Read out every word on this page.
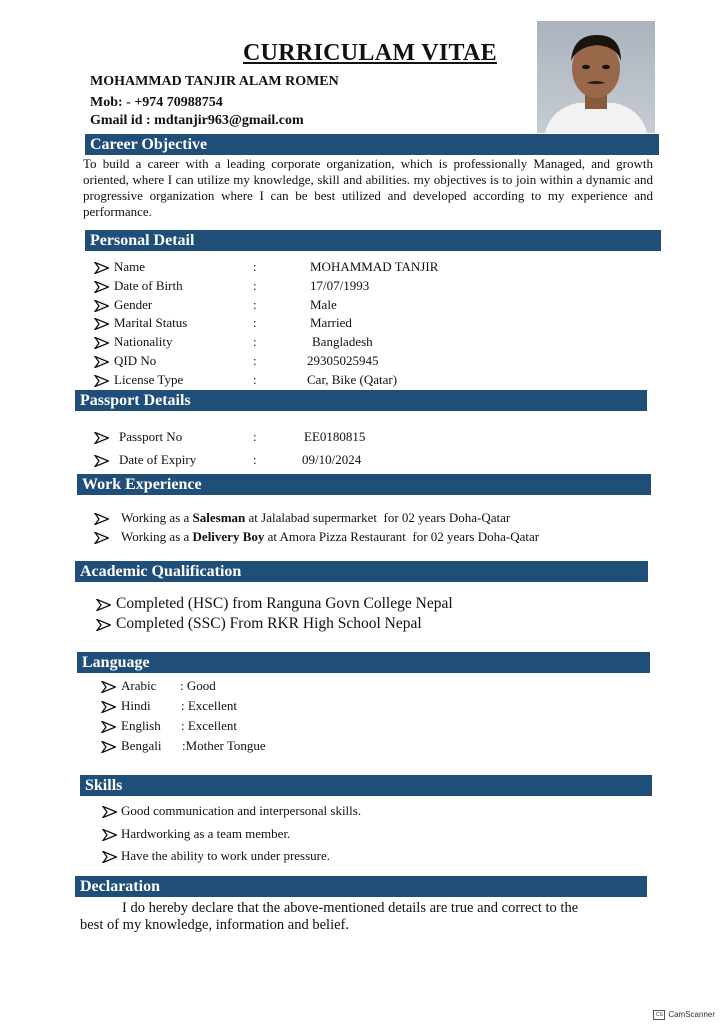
CURRICULAM VITAE
MOHAMMAD TANJIR ALAM ROMEN
Mob: - +974 70988754
Gmail id : mdtanjir963@gmail.com
Career Objective
To build a career with a leading corporate organization, which is professionally Managed, and growth oriented, where I can utilize my knowledge, skill and abilities. my objectives is to join within a dynamic and progressive organization where I can be best utilized and developed according to my experience and performance.
Personal Detail
Name	:	MOHAMMAD TANJIR
Date of Birth	:	17/07/1993
Gender	:	Male
Marital Status	:	Married
Nationality	:	Bangladesh
QID No	:	29305025945
License Type	:	Car, Bike (Qatar)
Passport Details
Passport No	:	EE0180815
Date of Expiry	:	09/10/2024
Work Experience
Working as a Salesman at Jalalabad supermarket  for 02 years Doha-Qatar
Working as a Delivery Boy at Amora Pizza Restaurant  for 02 years Doha-Qatar
Academic Qualification
Completed (HSC) from Ranguna Govn College Nepal
Completed (SSC) From RKR High School Nepal
Language
Arabic : Good
Hindi : Excellent
English : Excellent
Bengali :Mother Tongue
Skills
Good communication and interpersonal skills.
Hardworking as a team member.
Have the ability to work under pressure.
Declaration
I do hereby declare that the above-mentioned details are true and correct to the
best of my knowledge, information and belief.
CS CamScanner
